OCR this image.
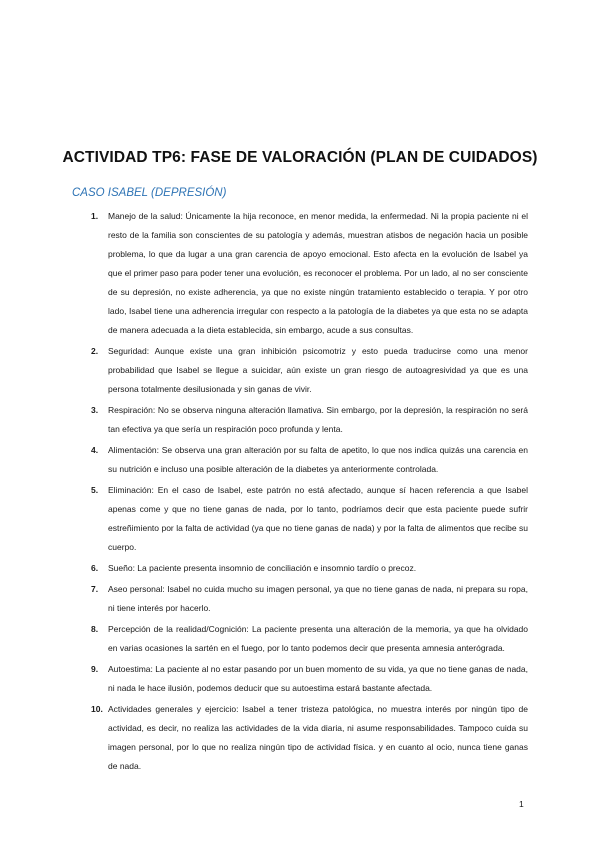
ACTIVIDAD TP6: FASE DE VALORACIÓN (PLAN DE CUIDADOS)
CASO ISABEL (DEPRESIÓN)
1.	Manejo de la salud: Únicamente la hija reconoce, en menor medida, la enfermedad. Ni la propia paciente ni el resto de la familia son conscientes de su patología y además, muestran atisbos de negación hacia un posible problema, lo que da lugar a una gran carencia de apoyo emocional. Esto afecta en la evolución de Isabel ya que el primer paso para poder tener una evolución, es reconocer el problema. Por un lado, al no ser consciente de su depresión, no existe adherencia, ya que no existe ningún tratamiento establecido o terapia. Y por otro lado, Isabel tiene una adherencia irregular con respecto a la patología de la diabetes ya que esta no se adapta de manera adecuada a la dieta establecida, sin embargo, acude a sus consultas.
2.	Seguridad: Aunque existe una gran inhibición psicomotriz y esto pueda traducirse como una menor probabilidad que Isabel se llegue a suicidar, aún existe un gran riesgo de autoagresividad ya que es una persona totalmente desilusionada y sin ganas de vivir.
3.	Respiración: No se observa ninguna alteración llamativa. Sin embargo, por la depresión, la respiración no será tan efectiva ya que sería un respiración poco profunda y lenta.
4.	Alimentación: Se observa una gran alteración por su falta de apetito, lo que nos indica quizás una carencia en su nutrición e incluso una posible alteración de la diabetes ya anteriormente controlada.
5.	Eliminación: En el caso de Isabel, este patrón no está afectado, aunque sí hacen referencia a que Isabel apenas come y que no tiene ganas de nada, por lo tanto, podríamos decir que esta paciente puede sufrir estreñimiento por la falta de actividad (ya que no tiene ganas de nada) y por la falta de alimentos que recibe su cuerpo.
6.	Sueño: La paciente presenta insomnio de conciliación e insomnio tardío o precoz.
7.	Aseo personal: Isabel no cuida mucho su imagen personal, ya que no tiene ganas de nada, ni prepara su ropa, ni tiene interés por hacerlo.
8.	Percepción de la realidad/Cognición: La paciente presenta una alteración de la memoria, ya que ha olvidado en varias ocasiones la sartén en el fuego, por lo tanto podemos decir que presenta amnesia anterógrada.
9.	Autoestima: La paciente al no estar pasando por un buen momento de su vida, ya que no tiene ganas de nada, ni nada le hace ilusión, podemos deducir que su autoestima estará bastante afectada.
10. Actividades generales y ejercicio: Isabel a tener tristeza patológica, no muestra interés por ningún tipo de actividad, es decir, no realiza las actividades de la vida diaria, ni asume responsabilidades. Tampoco cuida su imagen personal, por lo que no realiza ningún tipo de actividad física. y en cuanto al ocio, nunca tiene ganas de nada.
1
